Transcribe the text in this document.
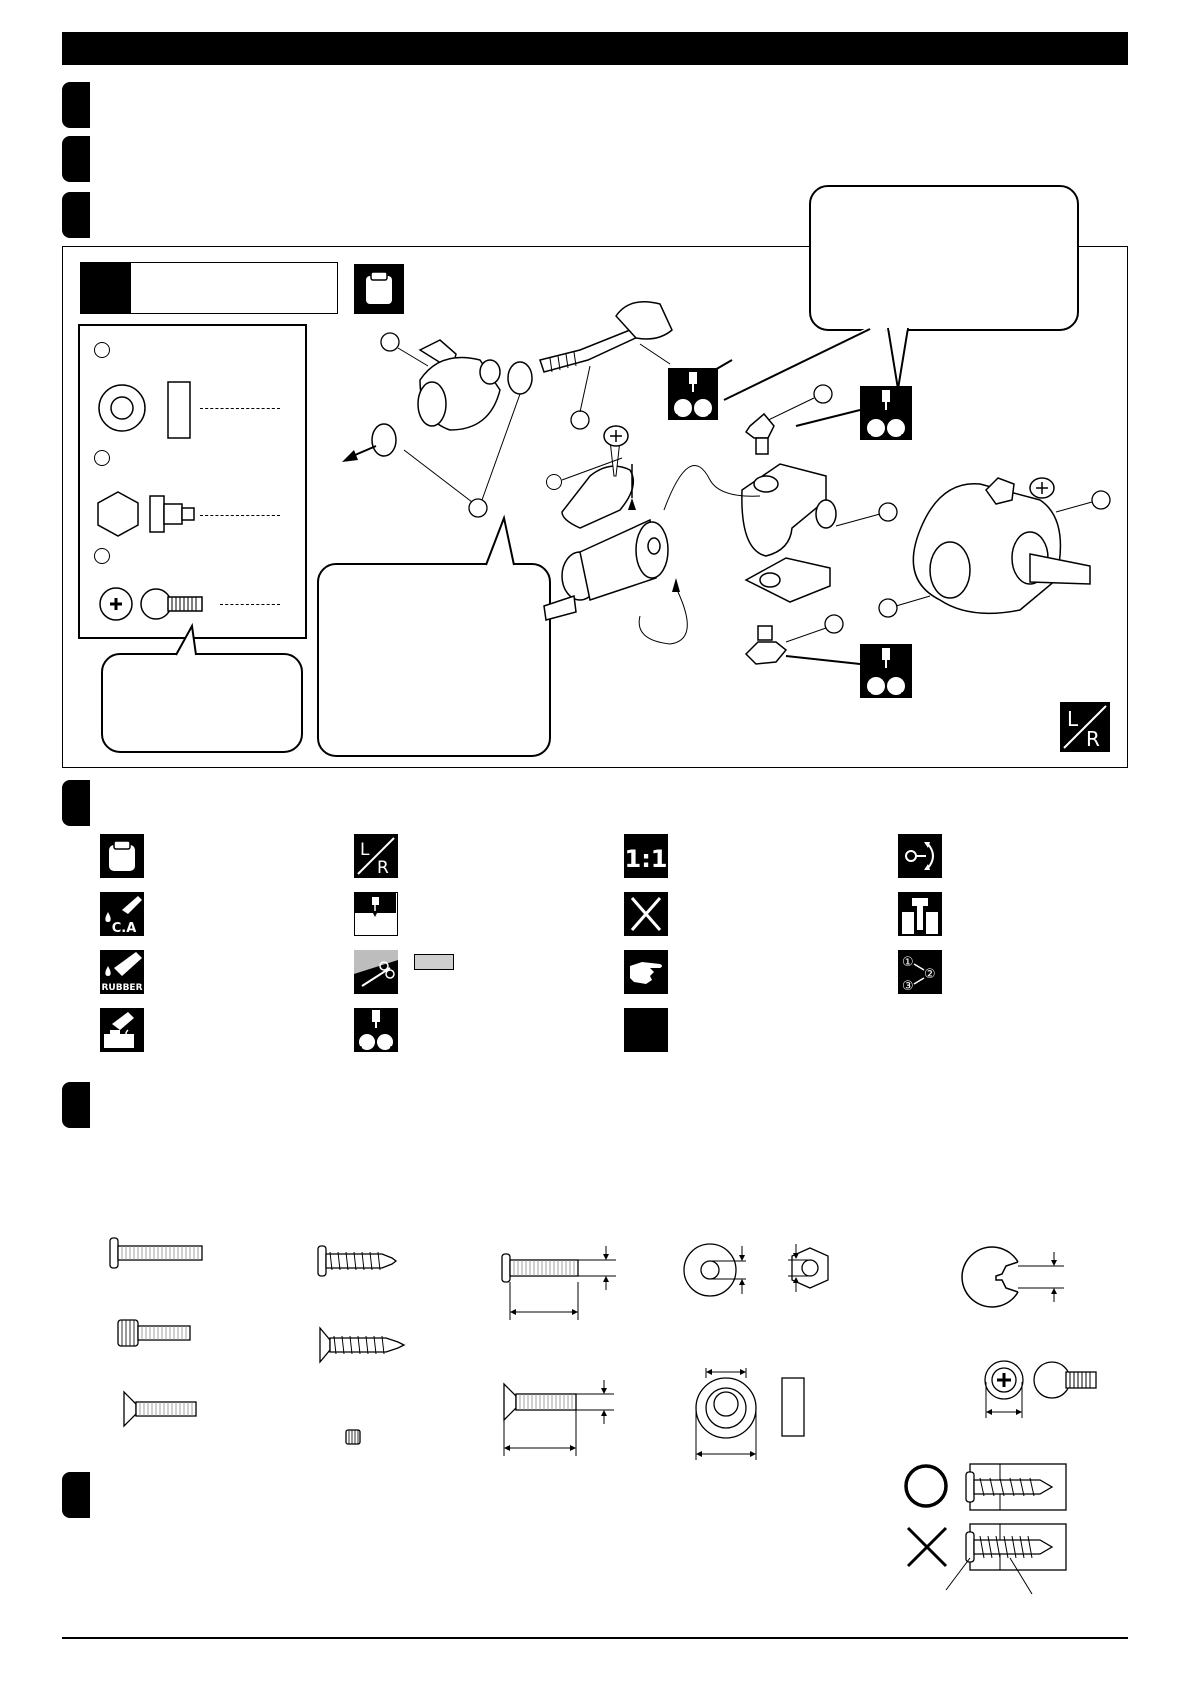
L
R
L
R	1:1
C.A
RUBBER
①
②
③
